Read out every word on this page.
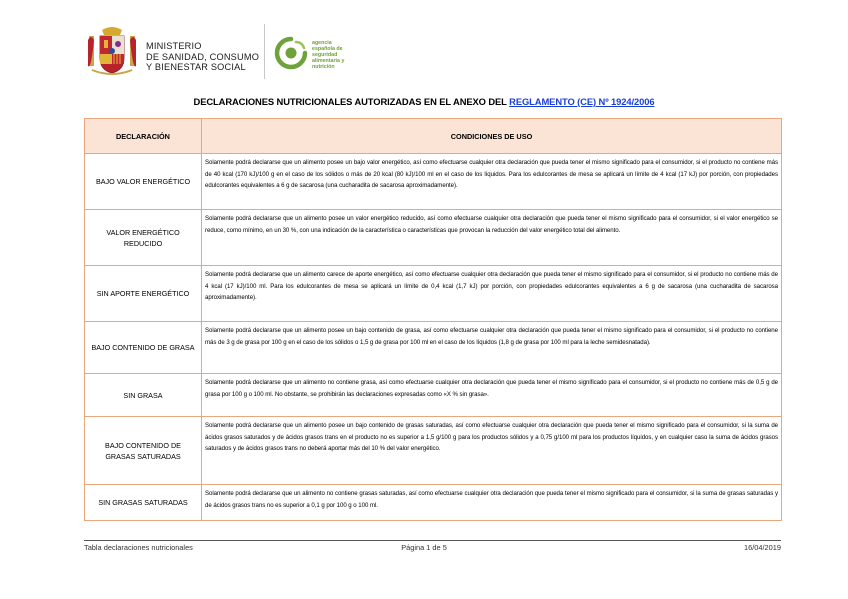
MINISTERIO
DE SANIDAD, CONSUMO
Y BIENESTAR SOCIAL
agencia
española de
seguridad
alimentaria y
nutrición
DECLARACIONES NUTRICIONALES AUTORIZADAS EN EL ANEXO DEL REGLAMENTO (CE) Nº 1924/2006
DECLARACIÓN	CONDICIONES DE USO
BAJO VALOR ENERGÉTICO	Solamente podrá declararse que un alimento posee un bajo valor energético, así como efectuarse cualquier otra declaración que pueda tener el mismo significado para el consumidor, si el producto no contiene más de 40 kcal (170 kJ)/100 g en el caso de los sólidos o más de 20 kcal (80 kJ)/100 ml en el caso de los líquidos. Para los edulcorantes de mesa se aplicará un límite de 4 kcal (17 kJ) por porción, con propiedades edulcorantes equivalentes a 6 g de sacarosa (una cucharadita de sacarosa aproximadamente).
VALOR ENERGÉTICO REDUCIDO	Solamente podrá declararse que un alimento posee un valor energético reducido, así como efectuarse cualquier otra declaración que pueda tener el mismo significado para el consumidor, si el valor energético se reduce, como mínimo, en un 30 %, con una indicación de la característica o características que provocan la reducción del valor energético total del alimento.
SIN APORTE ENERGÉTICO	Solamente podrá declararse que un alimento carece de aporte energético, así como efectuarse cualquier otra declaración que pueda tener el mismo significado para el consumidor, si el producto no contiene más de 4 kcal (17 kJ)/100 ml. Para los edulcorantes de mesa se aplicará un límite de 0,4 kcal (1,7 kJ) por porción, con propiedades edulcorantes equivalentes a 6 g de sacarosa (una cucharadita de sacarosa aproximadamente).
BAJO CONTENIDO DE GRASA	Solamente podrá declararse que un alimento posee un bajo contenido de grasa, así como efectuarse cualquier otra declaración que pueda tener el mismo significado para el consumidor, si el producto no contiene más de 3 g de grasa por 100 g en el caso de los sólidos o 1,5 g de grasa por 100 ml en el caso de los líquidos (1,8 g de grasa por 100 ml para la leche semidesnatada).
SIN GRASA	Solamente podrá declararse que un alimento no contiene grasa, así como efectuarse cualquier otra declaración que pueda tener el mismo significado para el consumidor, si el producto no contiene más de 0,5 g de grasa por 100 g o 100 ml. No obstante, se prohibirán las declaraciones expresadas como «X % sin grasa».
BAJO CONTENIDO DE GRASAS SATURADAS	Solamente podrá declararse que un alimento posee un bajo contenido de grasas saturadas, así como efectuarse cualquier otra declaración que pueda tener el mismo significado para el consumidor, si la suma de ácidos grasos saturados y de ácidos grasos trans en el producto no es superior a 1,5 g/100 g para los productos sólidos y a 0,75 g/100 ml para los productos líquidos, y en cualquier caso la suma de ácidos grasos saturados y de ácidos grasos trans no deberá aportar más del 10 % del valor energético.
SIN GRASAS SATURADAS	Solamente podrá declararse que un alimento no contiene grasas saturadas, así como efectuarse cualquier otra declaración que pueda tener el mismo significado para el consumidor, si la suma de grasas saturadas y de ácidos grasos trans no es superior a 0,1 g por 100 g o 100 ml.
Tabla declaraciones nutricionales	Página 1 de 5	16/04/2019
